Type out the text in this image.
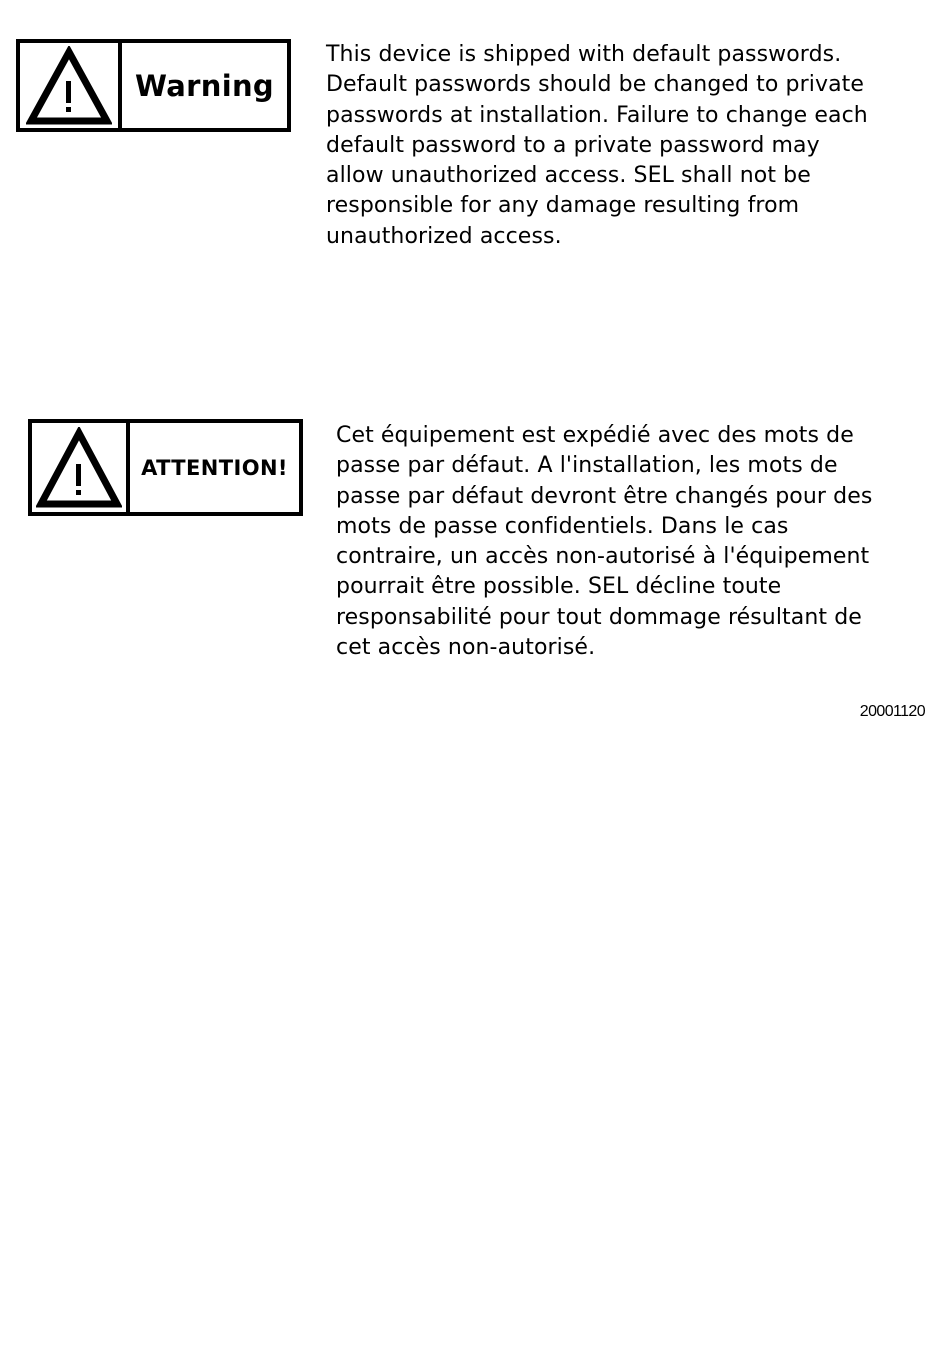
Warning

This device is shipped with default passwords.
Default passwords should be changed to private
passwords at installation. Failure to change each
default password to a private password may
allow unauthorized access. SEL shall not be
responsible for any damage resulting from
unauthorized access.

ATTENTION!

Cet équipement est expédié avec des mots de
passe par défaut. A l'installation, les mots de
passe par défaut devront être changés pour des
mots de passe confidentiels. Dans le cas
contraire, un accès non-autorisé à l'équipement
pourrait être possible. SEL décline toute
responsabilité pour tout dommage résultant de
cet accès non-autorisé.

20001120
